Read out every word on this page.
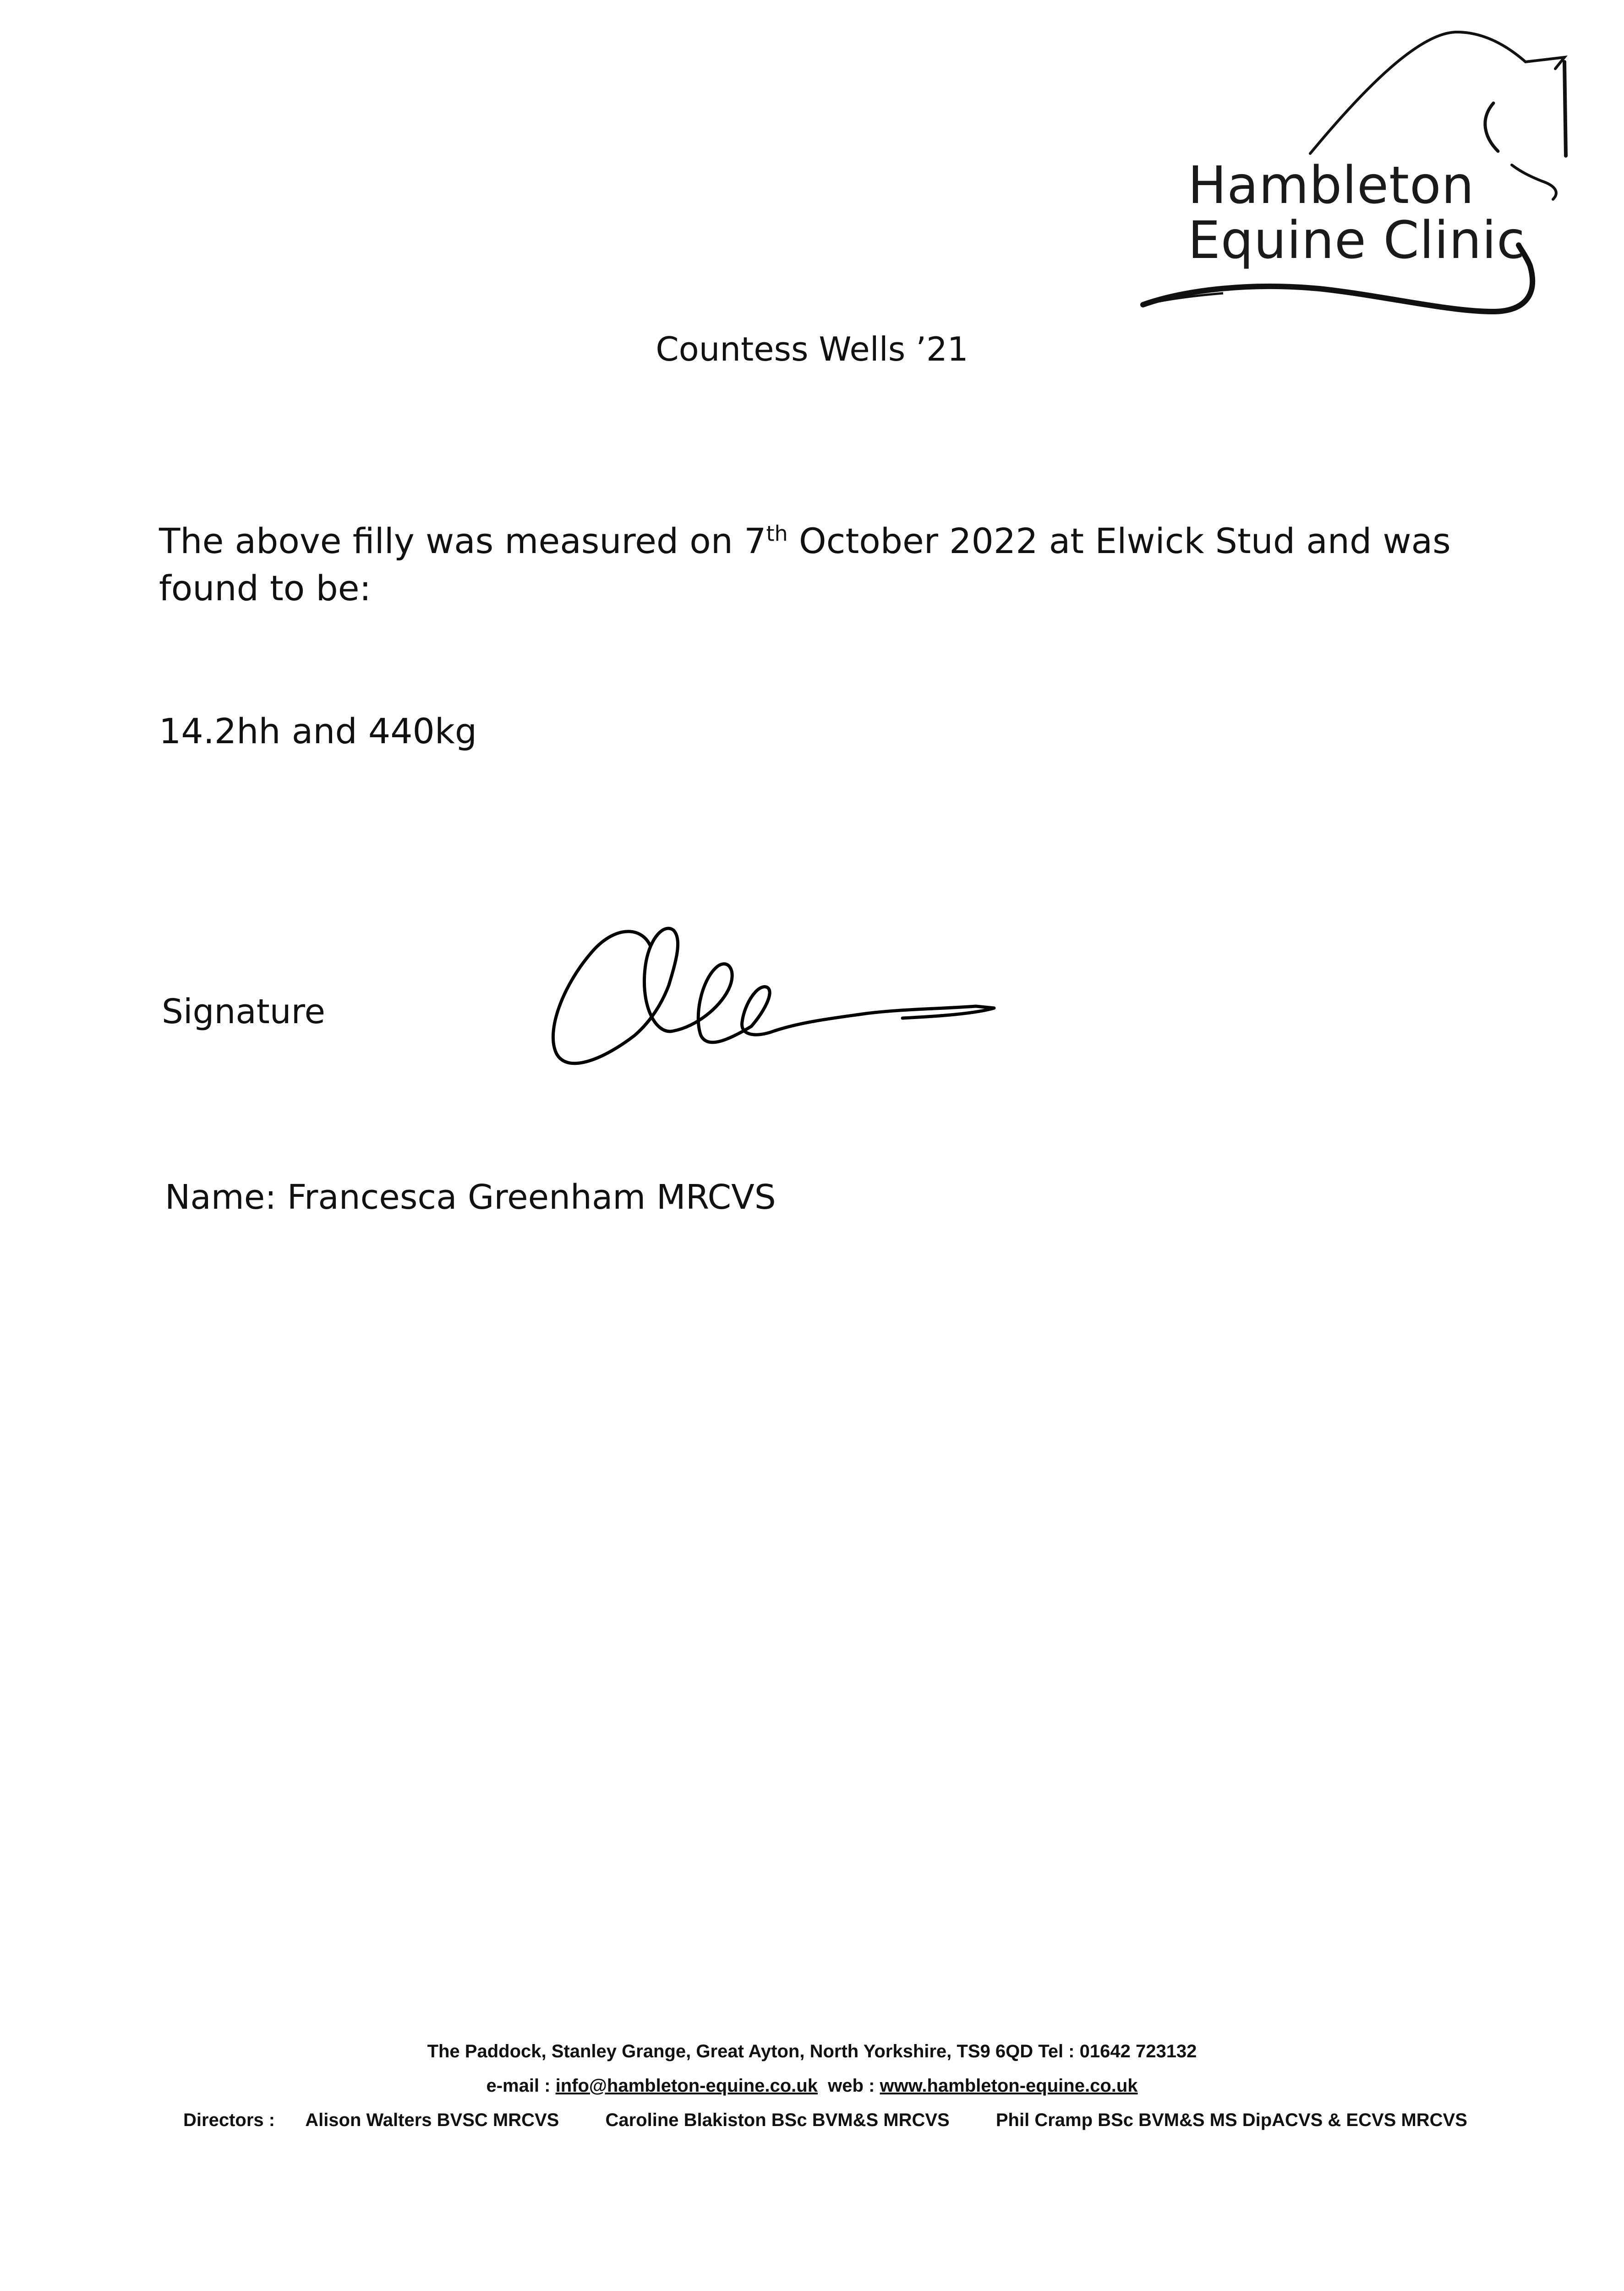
Hambleton
Equine Clinic
Countess Wells ’21
The above filly was measured on 7th October 2022 at Elwick Stud and was found to be:
14.2hh and 440kg
Signature
Name: Francesca Greenham MRCVS
The Paddock, Stanley Grange, Great Ayton, North Yorkshire, TS9 6QD Tel : 01642 723132
e-mail : info@hambleton-equine.co.uk  web : www.hambleton-equine.co.uk
Directors : Alison Walters BVSC MRCVS	Caroline Blakiston BSc BVM&S MRCVS	Phil Cramp BSc BVM&S MS DipACVS & ECVS MRCVS
